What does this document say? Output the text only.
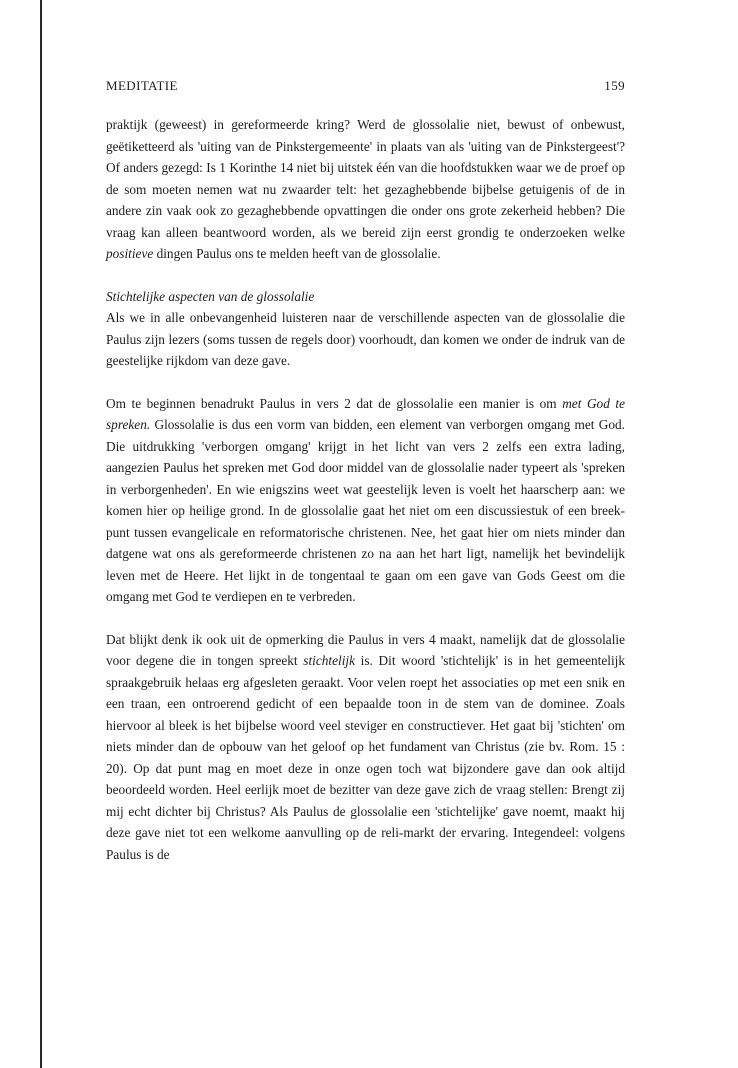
MEDITATIE	159

praktijk (geweest) in gereformeerde kring? Werd de glossolalie niet, bewust of onbewust, geëtiketteerd als 'uiting van de Pinkstergemeente' in plaats van als 'uiting van de Pinkstergeest'? Of anders gezegd: Is 1 Korinthe 14 niet bij uitstek één van die hoofdstukken waar we de proef op de som moeten nemen wat nu zwaarder telt: het gezaghebbende bijbelse getuigenis of de in andere zin vaak ook zo gezaghebbende opvattingen die onder ons grote zekerheid hebben? Die vraag kan alleen beantwoord worden, als we bereid zijn eerst grondig te onderzoeken welke positieve dingen Paulus ons te melden heeft van de glossolalie.

Stichtelijke aspecten van de glossolalie

Als we in alle onbevangenheid luisteren naar de verschillende aspecten van de glossolalie die Paulus zijn lezers (soms tussen de regels door) voorhoudt, dan komen we onder de indruk van de geestelijke rijkdom van deze gave.

Om te beginnen benadrukt Paulus in vers 2 dat de glossolalie een manier is om met God te spreken. Glossolalie is dus een vorm van bidden, een element van verborgen omgang met God. Die uitdrukking 'verborgen omgang' krijgt in het licht van vers 2 zelfs een extra lading, aangezien Paulus het spreken met God door middel van de glossolalie nader typeert als 'spreken in verborgenheden'. En wie enigszins weet wat geestelijk leven is voelt het haarscherp aan: we komen hier op heilige grond. In de glossolalie gaat het niet om een discussiestuk of een breekpunt tussen evangelicale en reformatorische christenen. Nee, het gaat hier om niets minder dan datgene wat ons als gereformeerde christenen zo na aan het hart ligt, namelijk het bevindelijk leven met de Heere. Het lijkt in de tongentaal te gaan om een gave van Gods Geest om die omgang met God te verdiepen en te verbreden.

Dat blijkt denk ik ook uit de opmerking die Paulus in vers 4 maakt, namelijk dat de glossolalie voor degene die in tongen spreekt stichtelijk is. Dit woord 'stichtelijk' is in het gemeentelijk spraakgebruik helaas erg afgesleten geraakt. Voor velen roept het associaties op met een snik en een traan, een ontroerend gedicht of een bepaalde toon in de stem van de dominee. Zoals hiervoor al bleek is het bijbelse woord veel steviger en constructiever. Het gaat bij 'stichten' om niets minder dan de opbouw van het geloof op het fundament van Christus (zie bv. Rom. 15 : 20). Op dat punt mag en moet deze in onze ogen toch wat bijzondere gave dan ook altijd beoordeeld worden. Heel eerlijk moet de bezitter van deze gave zich de vraag stellen: Brengt zij mij echt dichter bij Christus? Als Paulus de glossolalie een 'stichtelijke' gave noemt, maakt hij deze gave niet tot een welkome aanvulling op de reli-markt der ervaring. Integendeel: volgens Paulus is de
